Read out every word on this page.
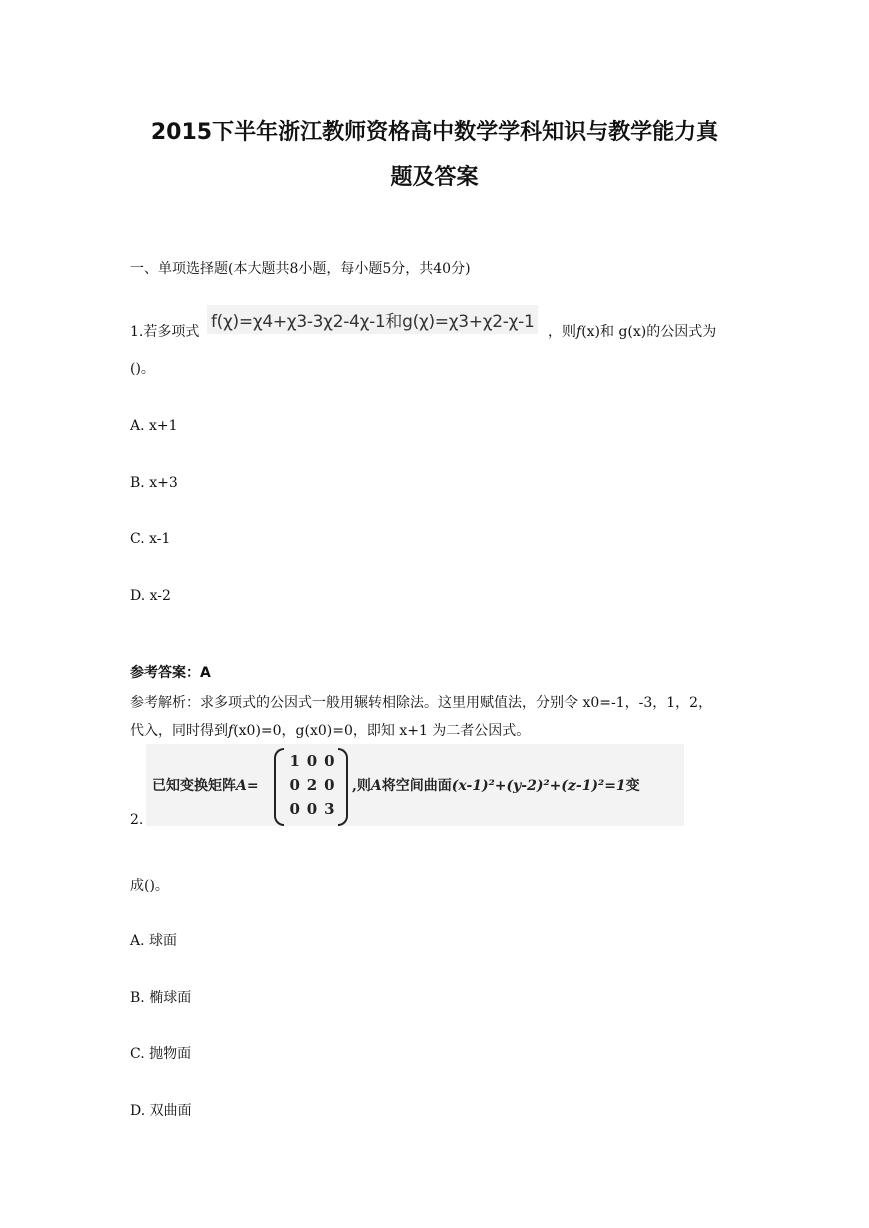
2015下半年浙江教师资格高中数学学科知识与教学能力真
题及答案
一、单项选择题(本大题共8小题，每小题5分，共40分)
1.若多项式 f(χ)=χ4+χ3-3χ2-4χ-1和g(χ)=χ3+χ2-χ-1 ，则f(x)和 g(x)的公因式为
()。
A. x+1
B. x+3
C. x-1
D. x-2
参考答案：A
参考解析：求多项式的公因式一般用辗转相除法。这里用赋值法，分别令 x0=-1，-3，1，2，
代入，同时得到f(x0)=0，g(x0)=0，即知 x+1 为二者公因式。
2.
已知变换矩阵A=
1 0 0
0 2 0
0 0 3
,则A将空间曲面(x-1)²+(y-2)²+(z-1)²=1变
成()。
A. 球面
B. 椭球面
C. 抛物面
D. 双曲面
